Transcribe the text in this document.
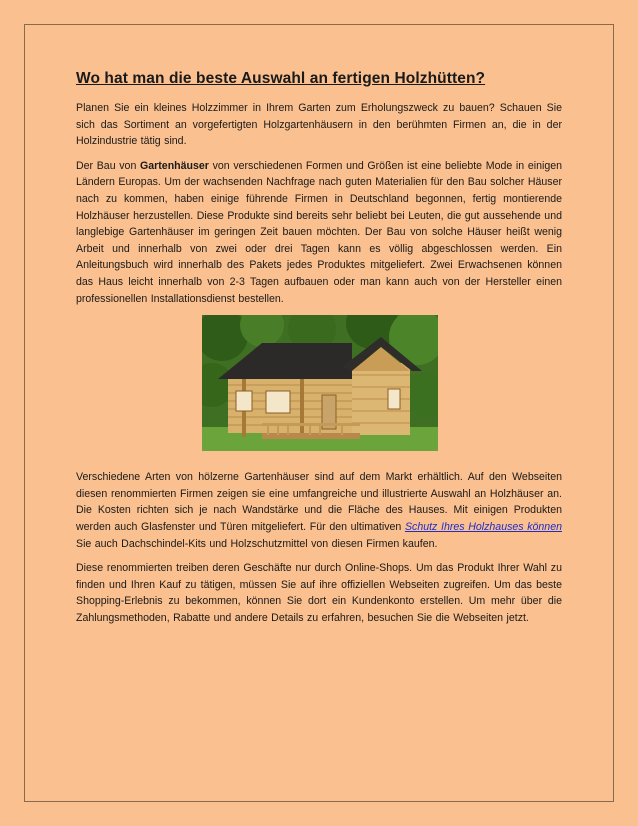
Wo hat man die beste Auswahl an fertigen Holzhütten?

Planen Sie ein kleines Holzzimmer in Ihrem Garten zum Erholungszweck zu bauen? Schauen Sie sich das Sortiment an vorgefertigten Holzgartenhäusern in den berühmten Firmen an, die in der Holzindustrie tätig sind.

Der Bau von Gartenhäuser von verschiedenen Formen und Größen ist eine beliebte Mode in einigen Ländern Europas. Um der wachsenden Nachfrage nach guten Materialien für den Bau solcher Häuser nach zu kommen, haben einige führende Firmen in Deutschland begonnen, fertig montierende Holzhäuser herzustellen. Diese Produkte sind bereits sehr beliebt bei Leuten, die gut aussehende und langlebige Gartenhäuser im geringen Zeit bauen möchten. Der Bau von solche Häuser heißt wenig Arbeit und innerhalb von zwei oder drei Tagen kann es völlig abgeschlossen werden. Ein Anleitungsbuch wird innerhalb des Pakets jedes Produktes mitgeliefert. Zwei Erwachsenen können das Haus leicht innerhalb von 2-3 Tagen aufbauen oder man kann auch von der Hersteller einen professionellen Installationsdienst bestellen.

Verschiedene Arten von hölzerne Gartenhäuser sind auf dem Markt erhältlich. Auf den Webseiten diesen renommierten Firmen zeigen sie eine umfangreiche und illustrierte Auswahl an Holzhäuser an. Die Kosten richten sich je nach Wandstärke und die Fläche des Hauses. Mit einigen Produkten werden auch Glasfenster und Türen mitgeliefert. Für den ultimativen Schutz Ihres Holzhauses können Sie auch Dachschindel-Kits und Holzschutzmittel von diesen Firmen kaufen.

Diese renommierten treiben deren Geschäfte nur durch Online-Shops. Um das Produkt Ihrer Wahl zu finden und Ihren Kauf zu tätigen, müssen Sie auf ihre offiziellen Webseiten zugreifen. Um das beste Shopping-Erlebnis zu bekommen, können Sie dort ein Kundenkonto erstellen. Um mehr über die Zahlungsmethoden, Rabatte und andere Details zu erfahren, besuchen Sie die Webseiten jetzt.
